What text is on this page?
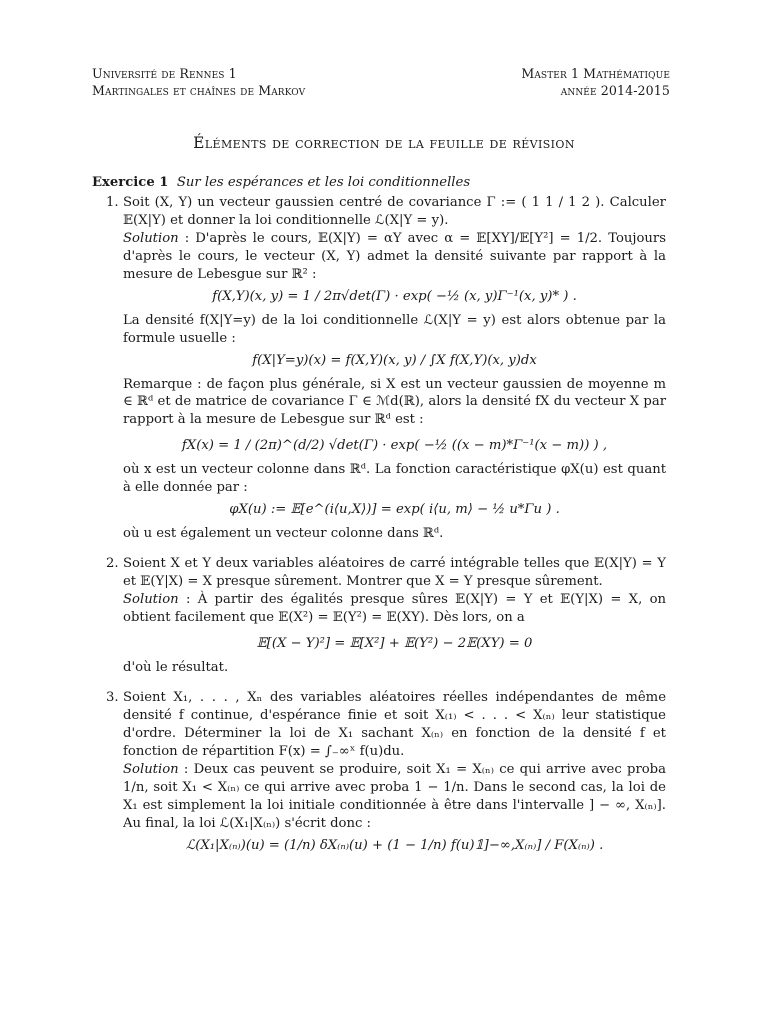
Université de Rennes 1
Martingales et chaînes de Markov
Master 1 Mathématique
année 2014-2015
Éléments de correction de la feuille de révision
Exercice 1 Sur les espérances et les loi conditionnelles
1. Soit (X, Y) un vecteur gaussien centré de covariance Γ := ( 1 1 / 1 2 ). Calculer 𝔼(X|Y) et donner la loi conditionnelle ℒ(X|Y = y).

Solution : D'après le cours, 𝔼(X|Y) = αY avec α = 𝔼[XY]/𝔼[Y²] = 1/2. Toujours d'après le cours, le vecteur (X, Y) admet la densité suivante par rapport à la mesure de Lebesgue sur ℝ² :

f(X,Y)(x, y) = 1 / 2π√det(Γ) · exp( −½ (x, y)Γ⁻¹(x, y)* ) .

La densité f(X|Y=y) de la loi conditionnelle ℒ(X|Y = y) est alors obtenue par la formule usuelle :

f(X|Y=y)(x) = f(X,Y)(x, y) / ∫X f(X,Y)(x, y)dx

Remarque : de façon plus générale, si X est un vecteur gaussien de moyenne m ∈ ℝᵈ et de matrice de covariance Γ ∈ ℳd(ℝ), alors la densité fX du vecteur X par rapport à la mesure de Lebesgue sur ℝᵈ est :

fX(x) = 1 / (2π)^(d/2) √det(Γ) · exp( −½ ((x − m)*Γ⁻¹(x − m)) ) ,

où x est un vecteur colonne dans ℝᵈ. La fonction caractéristique φX(u) est quant à elle donnée par :

φX(u) := 𝔼[e^(i⟨u,X⟩)] = exp( i⟨u, m⟩ − ½ u*Γu ) .

où u est également un vecteur colonne dans ℝᵈ.

2. Soient X et Y deux variables aléatoires de carré intégrable telles que 𝔼(X|Y) = Y et 𝔼(Y|X) = X presque sûrement. Montrer que X = Y presque sûrement.

Solution : À partir des égalités presque sûres 𝔼(X|Y) = Y et 𝔼(Y|X) = X, on obtient facilement que 𝔼(X²) = 𝔼(Y²) = 𝔼(XY). Dès lors, on a

𝔼[(X − Y)²] = 𝔼[X²] + 𝔼(Y²) − 2𝔼(XY) = 0

d'où le résultat.

3. Soient X₁, . . . , Xₙ des variables aléatoires réelles indépendantes de même densité f continue, d'espérance finie et soit X₍₁₎ < . . . < X₍ₙ₎ leur statistique d'ordre. Déterminer la loi de X₁ sachant X₍ₙ₎ en fonction de la densité f et fonction de répartition F(x) = ∫₋∞ˣ f(u)du.

Solution : Deux cas peuvent se produire, soit X₁ = X₍ₙ₎ ce qui arrive avec proba 1/n, soit X₁ < X₍ₙ₎ ce qui arrive avec proba 1 − 1/n. Dans le second cas, la loi de X₁ est simplement la loi initiale conditionnée à être dans l'intervalle ] − ∞, X₍ₙ₎]. Au final, la loi ℒ(X₁|X₍ₙ₎) s'écrit donc :

ℒ(X₁|X₍ₙ₎)(u) = (1/n) δX₍ₙ₎(u) + (1 − 1/n) f(u)𝟙]−∞,X₍ₙ₎] / F(X₍ₙ₎) .
